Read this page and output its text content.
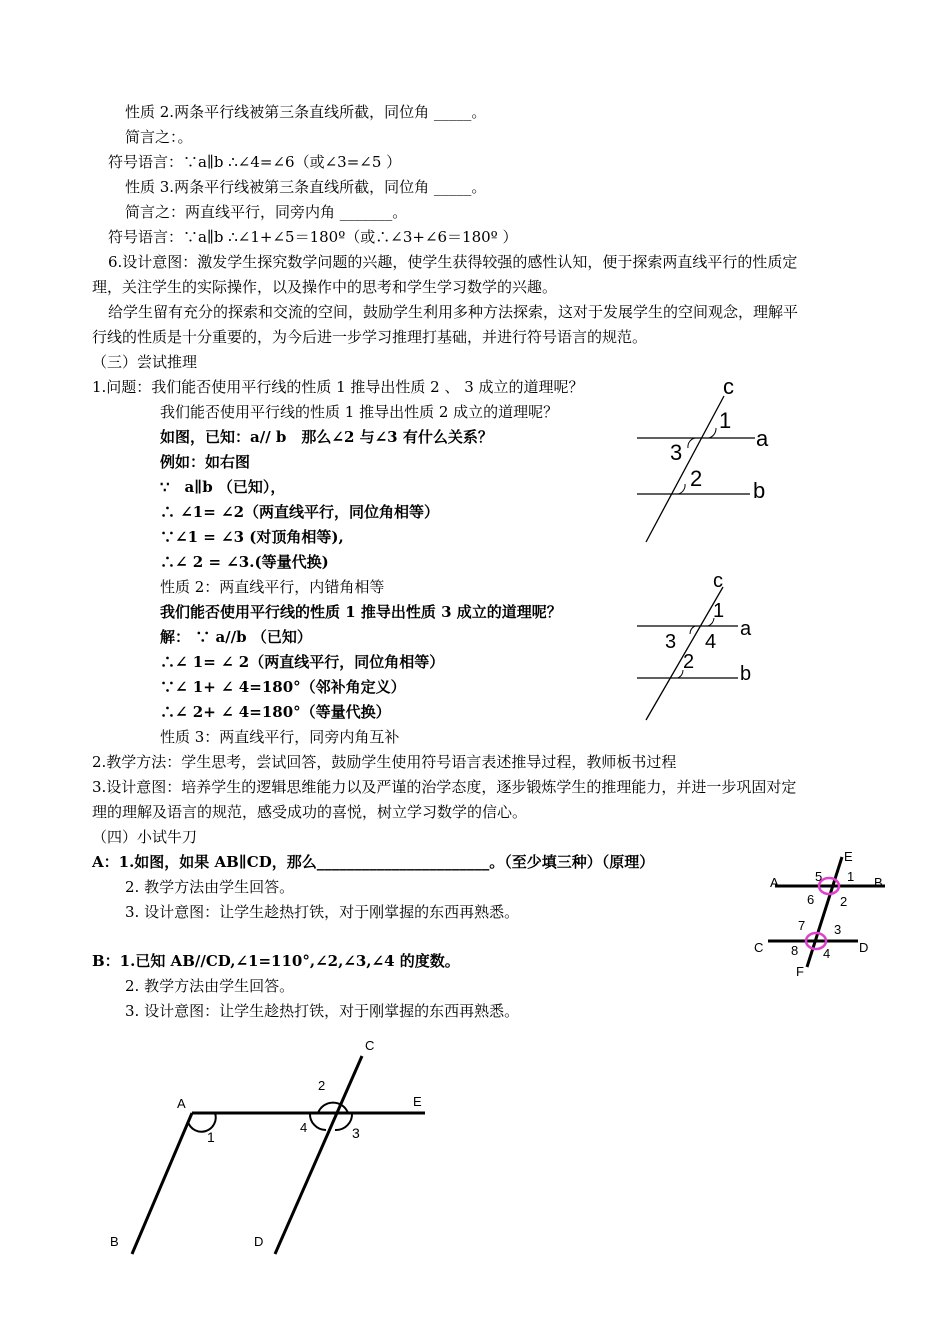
性质 2.两条平行线被第三条直线所截，同位角 _____。
简言之：。
符号语言：∵a∥b ∴∠4=∠6（或∠3=∠5 ）
性质 3.两条平行线被第三条直线所截，同位角 _____。
简言之：两直线平行，同旁内角 _______。
符号语言：∵a∥b ∴∠1+∠5＝180º（或∴∠3+∠6＝180º ）
6.设计意图：激发学生探究数学问题的兴趣，使学生获得较强的感性认知，便于探索两直线平行的性质定
理，关注学生的实际操作，以及操作中的思考和学生学习数学的兴趣。
给学生留有充分的探索和交流的空间，鼓励学生利用多种方法探索，这对于发展学生的空间观念，理解平
行线的性质是十分重要的，为今后进一步学习推理打基础，并进行符号语言的规范。
（三）尝试推理
1.问题：我们能否使用平行线的性质 1 推导出性质 2 、 3 成立的道理呢？
我们能否使用平行线的性质 1 推导出性质 2 成立的道理呢？
如图，已知：a// b　那么∠2 与∠3 有什么关系？
例如：如右图
∵　a∥b （已知），
∴ ∠1= ∠2（两直线平行，同位角相等）
∵∠1 = ∠3 (对顶角相等),
∴∠ 2 = ∠3.(等量代换)
性质 2：两直线平行，内错角相等
我们能否使用平行线的性质 1 推导出性质 3 成立的道理呢？
解： ∵ a//b （已知）
∴∠ 1= ∠ 2（两直线平行，同位角相等）
∵∠ 1+ ∠ 4=180°（邻补角定义）
∴∠ 2+ ∠ 4=180°（等量代换）
性质 3：两直线平行，同旁内角互补
2.教学方法：学生思考，尝试回答，鼓励学生使用符号语言表述推导过程，教师板书过程
3.设计意图：培养学生的逻辑思维能力以及严谨的治学态度，逐步锻炼学生的推理能力，并进一步巩固对定
理的理解及语言的规范，感受成功的喜悦，树立学习数学的信心。
（四）小试牛刀
A：1.如图，如果 AB∥CD，那么_______________________。（至少填三种）（原理）
2. 教学方法由学生回答。
3. 设计意图：让学生趁热打铁，对于刚掌握的东西再熟悉。
B：1.已知 AB//CD,∠1=110°,∠2,∠3,∠4 的度数。
2. 教学方法由学生回答。
3. 设计意图：让学生趁热打铁，对于刚掌握的东西再熟悉。
c
1
3
a
2 b
c
1
3 4
a
2
b
E
A	B
5 1
6 2
7 3
C 8 4 D
F
C
A	E
2
4	3
1
B	D
